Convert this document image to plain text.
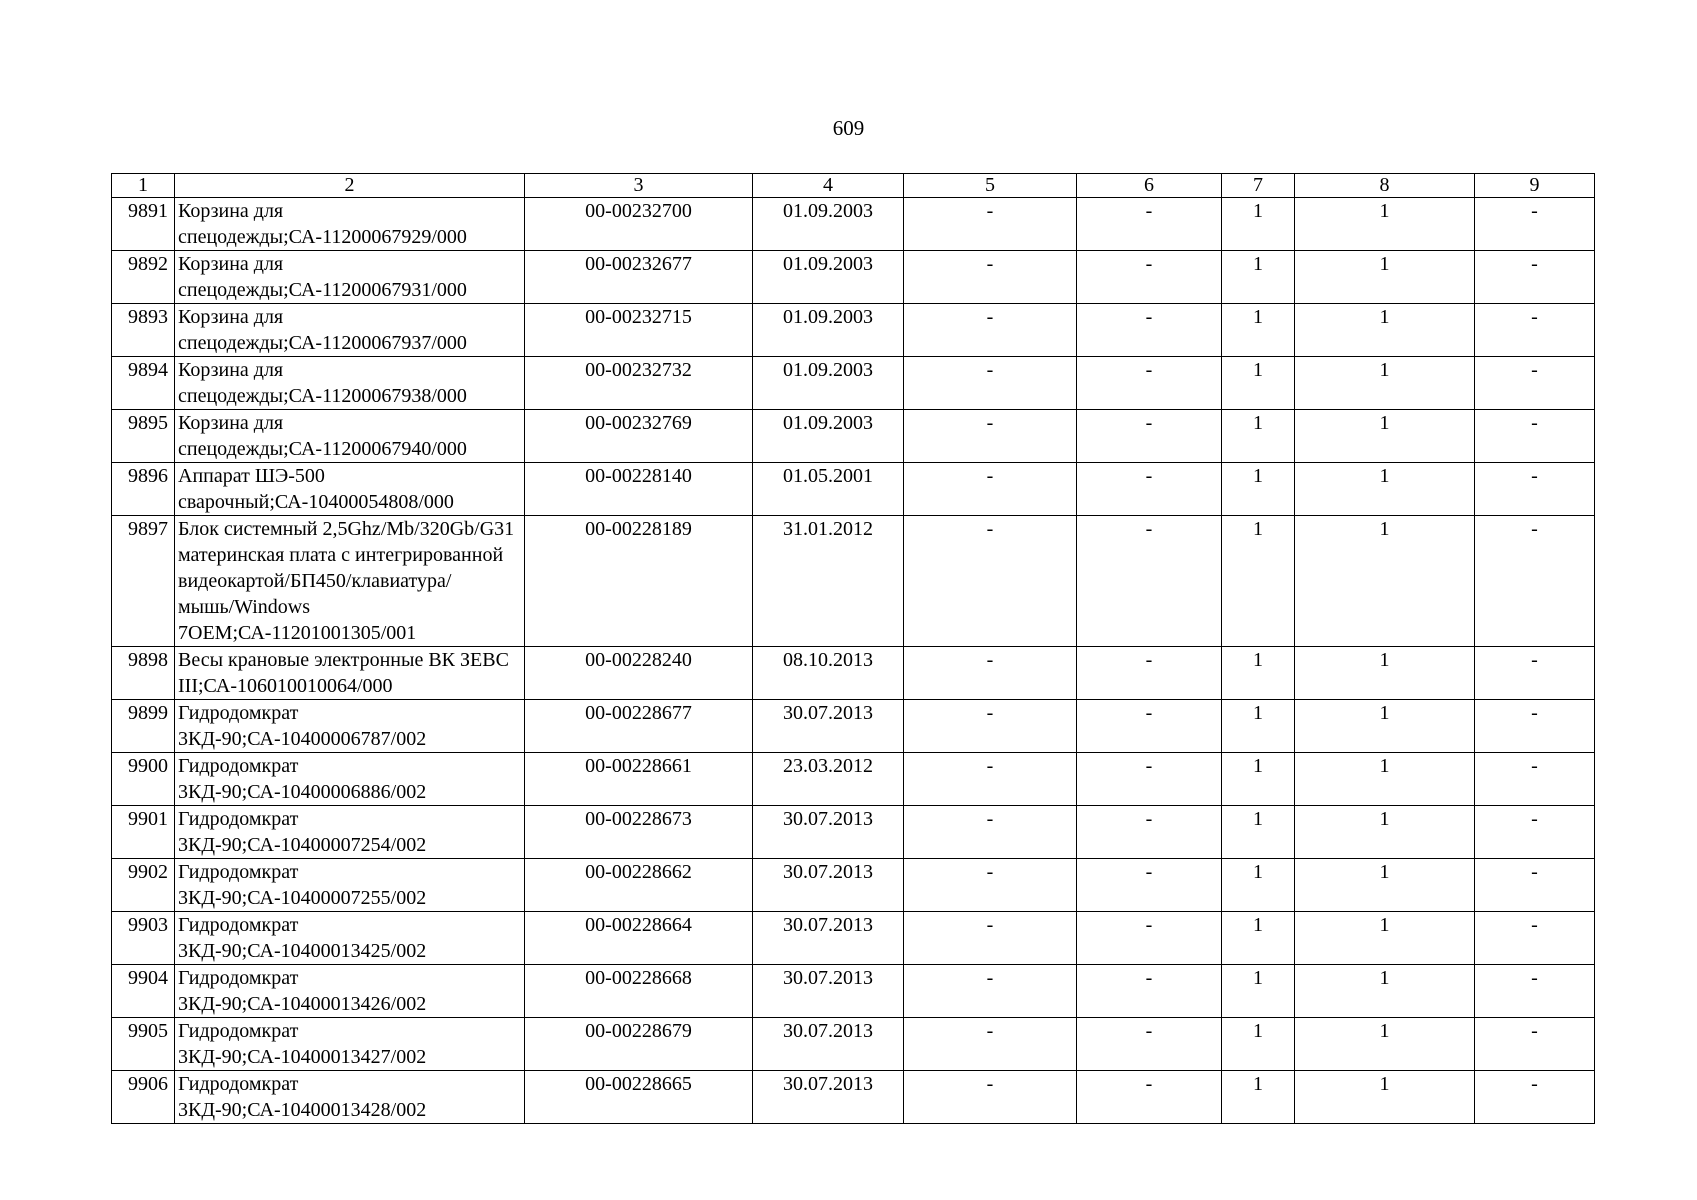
609
1	2	3	4	5	6	7	8	9
9891	Корзина для спецодежды;СА-11200067929/000	00-00232700	01.09.2003	-	-	1	1	-
9892	Корзина для спецодежды;СА-11200067931/000	00-00232677	01.09.2003	-	-	1	1	-
9893	Корзина для спецодежды;СА-11200067937/000	00-00232715	01.09.2003	-	-	1	1	-
9894	Корзина для спецодежды;СА-11200067938/000	00-00232732	01.09.2003	-	-	1	1	-
9895	Корзина для спецодежды;СА-11200067940/000	00-00232769	01.09.2003	-	-	1	1	-
9896	Аппарат ШЭ-500 сварочный;СА-10400054808/000	00-00228140	01.05.2001	-	-	1	1	-
9897	Блок системный 2,5Ghz/Mb/320Gb/G31 материнская плата с интегрированной видеокартой/БП450/клавиатура/мышь/Windows 7OEM;СА-11201001305/001	00-00228189	31.01.2012	-	-	1	1	-
9898	Весы крановые электронные ВК ЗЕВС III;СА-106010010064/000	00-00228240	08.10.2013	-	-	1	1	-
9899	Гидродомкрат 3КД-90;СА-10400006787/002	00-00228677	30.07.2013	-	-	1	1	-
9900	Гидродомкрат 3КД-90;СА-10400006886/002	00-00228661	23.03.2012	-	-	1	1	-
9901	Гидродомкрат 3КД-90;СА-10400007254/002	00-00228673	30.07.2013	-	-	1	1	-
9902	Гидродомкрат 3КД-90;СА-10400007255/002	00-00228662	30.07.2013	-	-	1	1	-
9903	Гидродомкрат 3КД-90;СА-10400013425/002	00-00228664	30.07.2013	-	-	1	1	-
9904	Гидродомкрат 3КД-90;СА-10400013426/002	00-00228668	30.07.2013	-	-	1	1	-
9905	Гидродомкрат 3КД-90;СА-10400013427/002	00-00228679	30.07.2013	-	-	1	1	-
9906	Гидродомкрат 3КД-90;СА-10400013428/002	00-00228665	30.07.2013	-	-	1	1	-
